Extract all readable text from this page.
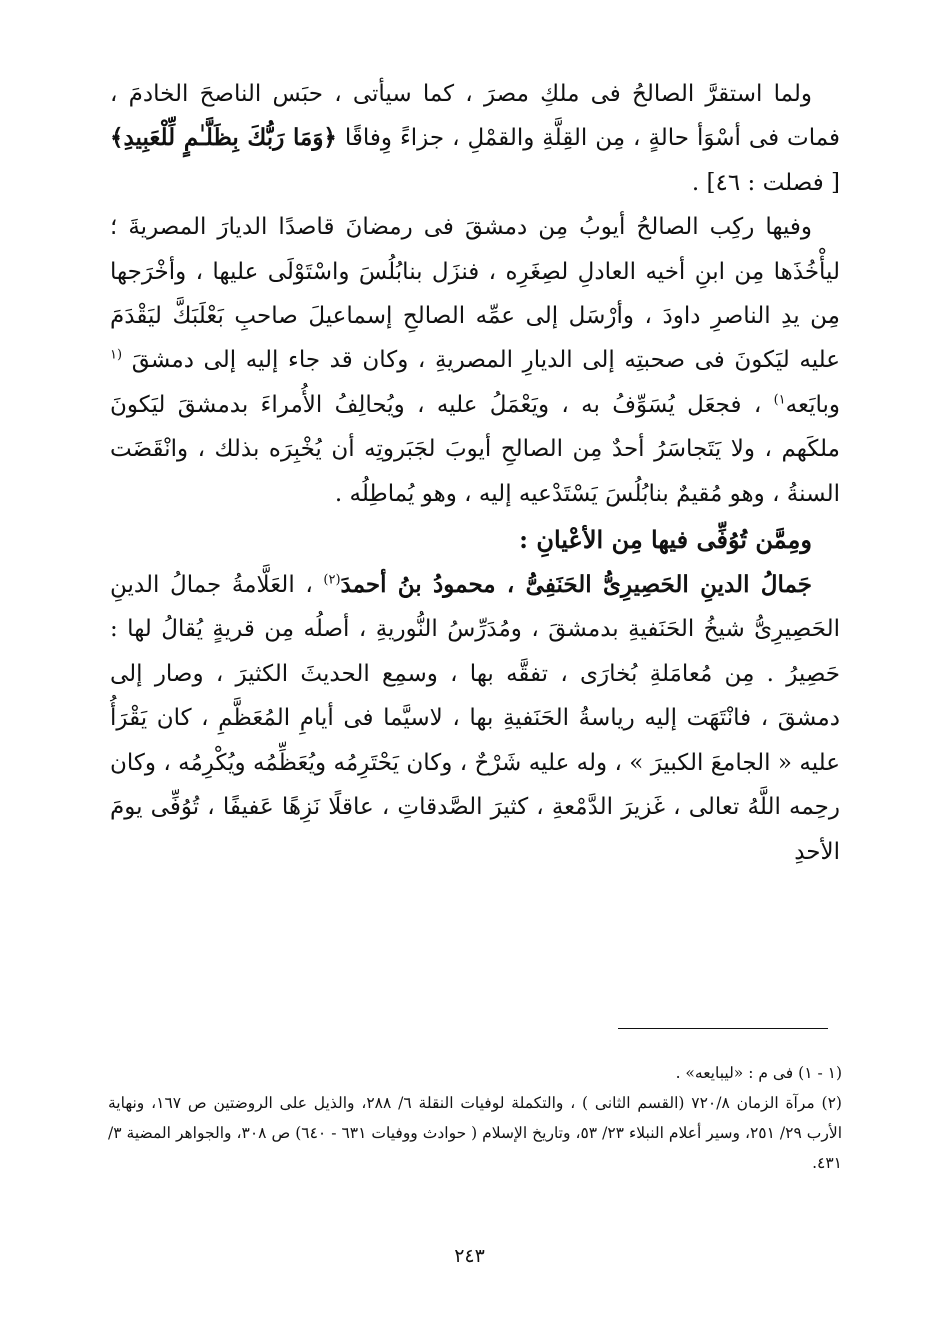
ولما استقرَّ الصالحُ فى ملكِ مصرَ ، كما سيأتى ، حبَس الناصحَ الخادمَ ، فمات فى أسْوَأ حالةٍ ، مِن القِلَّةِ والقمْلِ ، جزاءً وِفاقًا ﴿وَمَا رَبُّكَ بِظَلَّـٰمٍ لِّلْعَبِيدِ﴾ [ فصلت : ٤٦] .

وفيها ركِب الصالحُ أيوبُ مِن دمشقَ فى رمضانَ قاصدًا الديارَ المصريةَ ؛ ليأْخُذَها مِن ابنِ أخيه العادلِ لصِغَرِه ، فنزَل بنابُلُسَ واسْتَوْلَى عليها ، وأخْرَجها مِن يدِ الناصرِ داودَ ، وأرْسَل إلى عمِّه الصالحِ إسماعيلَ صاحبِ بَعْلَبَكَّ ليَقْدَمَ عليه ليَكونَ فى صحبتِه إلى الديارِ المصريةِ ، وكان قد جاء إليه إلى دمشقَ $^{(١}$ وبايَعه$^{١)}$ ، فجعَل يُسَوِّفُ به ، ويَعْمَلُ عليه ، ويُحالِفُ الأُمراءَ بدمشقَ ليَكونَ ملكَهم ، ولا يَتَجاسَرُ أحدٌ مِن الصالحِ أيوبَ لجَبَروتِه أن يُخْبِرَه بذلك ، وانْقَضَت السنةُ ، وهو مُقيمٌ بنابُلُسَ يَسْتَدْعيه إليه ، وهو يُماطِلُه .

ومِمَّن تُوُفِّى فيها مِن الأعْيانِ :

جَمالُ الدينِ الحَصِيرِىُّ الحَنَفِىُّ ، محمودُ بنُ أحمدَ$^{(٢)}$ ، العَلَّامةُ جمالُ الدينِ الحَصِيرِىُّ شيخُ الحَنَفيةِ بدمشقَ ، ومُدَرِّسُ النُّوريةِ ، أصلُه مِن قريةٍ يُقالُ لها : حَصِيرُ . مِن مُعامَلةِ بُخارَى ، تفقَّه بها ، وسمِع الحديثَ الكثيرَ ، وصار إلى دمشقَ ، فانْتَهَت إليه رياسةُ الحَنَفيةِ بها ، لاسيَّما فى أيامِ المُعَظَّمِ ، كان يَقْرَأُ عليه « الجامعَ الكبيرَ » ، وله عليه شَرْحٌ ، وكان يَحْتَرِمُه ويُعَظِّمُه ويُكْرِمُه ، وكان رحِمه اللَّهُ تعالى ، غَزيرَ الدَّمْعةِ ، كثيرَ الصَّدقاتِ ، عاقلًا نَزِهًا عَفيفًا ، تُوُفِّى يومَ الأحدِ

(١ - ١) فى م : «ليبايعه» .

(٢) مرآة الزمان ٧٢٠/٨ (القسم الثانى ) ، والتكملة لوفيات النقلة ٦/ ٢٨٨، والذيل على الروضتين ص ١٦٧، ونهاية الأرب ٢٩/ ٢٥١، وسير أعلام النبلاء ٢٣/ ٥٣، وتاريخ الإسلام ( حوادث ووفيات ٦٣١ - ٦٤٠) ص ٣٠٨، والجواهر المضية ٣/ ٤٣١.

٢٤٣
